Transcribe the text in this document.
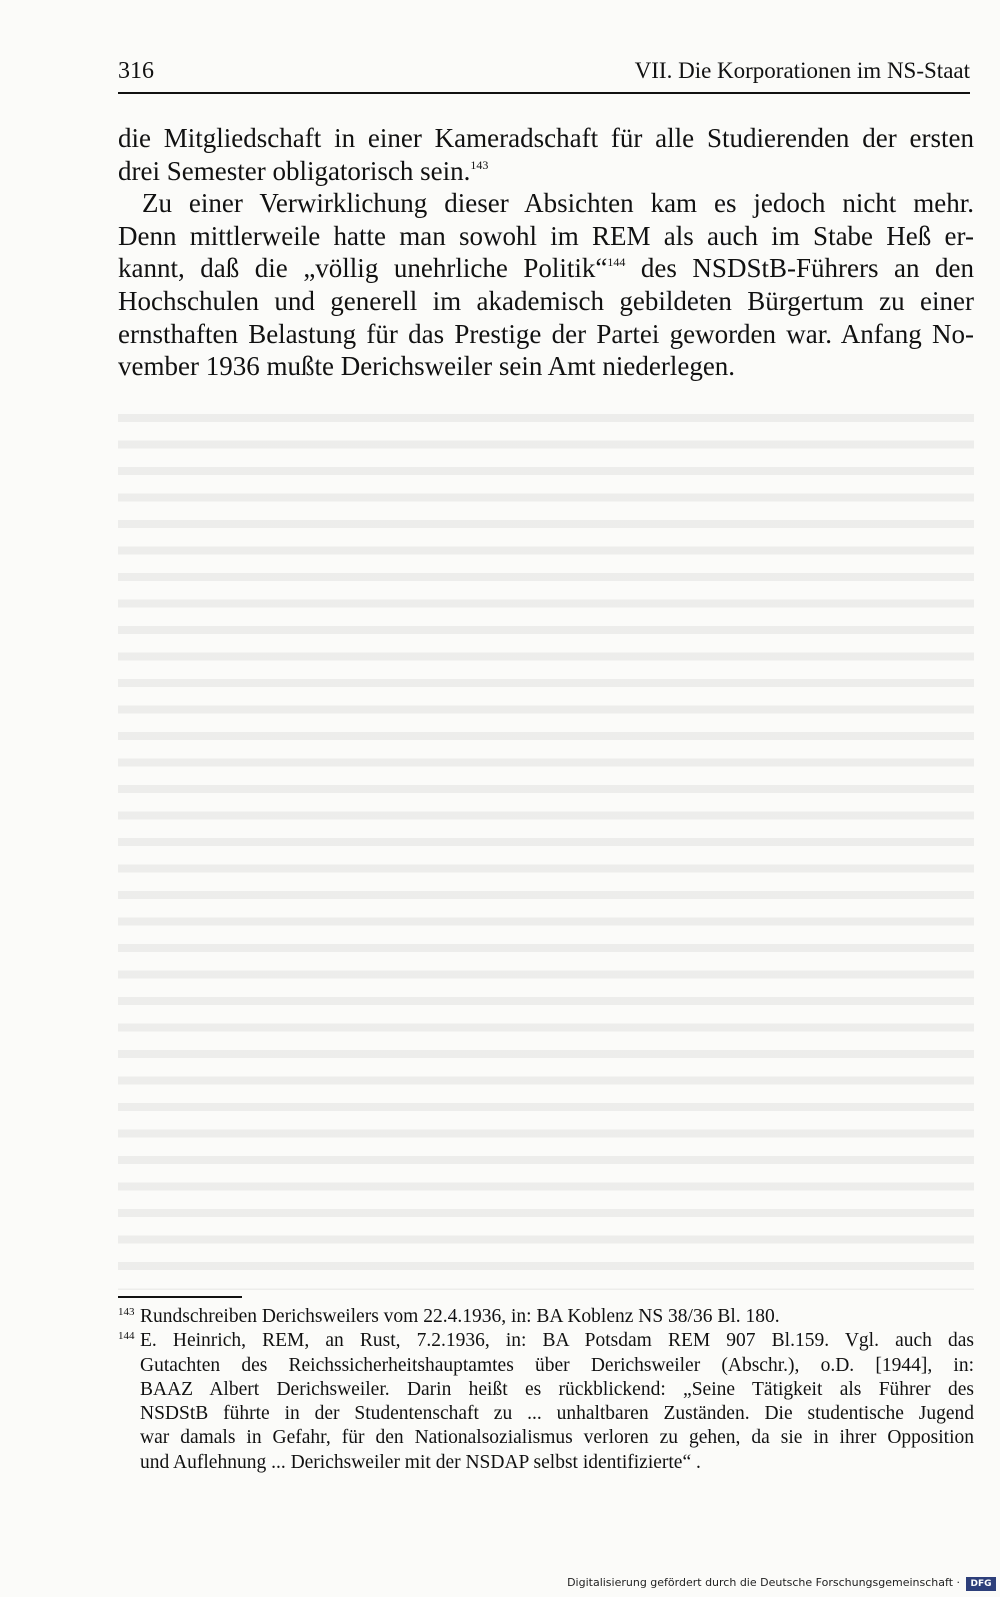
316	VII. Die Korporationen im NS-Staat
die Mitgliedschaft in einer Kameradschaft für alle Studierenden der ersten
drei Semester obligatorisch sein.$^{143}$
Zu einer Verwirklichung dieser Absichten kam es jedoch nicht mehr.
Denn mittlerweile hatte man sowohl im REM als auch im Stabe Heß er-
kannt, daß die „völlig unehrliche Politik“$^{144}$ des NSDStB-Führers an den
Hochschulen und generell im akademisch gebildeten Bürgertum zu einer
ernsthaften Belastung für das Prestige der Partei geworden war. Anfang No-
vember 1936 mußte Derichsweiler sein Amt niederlegen.
143 Rundschreiben Derichsweilers vom 22.4.1936, in: BA Koblenz NS 38/36 Bl. 180.
144 E. Heinrich, REM, an Rust, 7.2.1936, in: BA Potsdam REM 907 Bl.159. Vgl. auch das
Gutachten des Reichssicherheitshauptamtes über Derichsweiler (Abschr.), o.D. [1944], in:
BAAZ Albert Derichsweiler. Darin heißt es rückblickend: „Seine Tätigkeit als Führer des
NSDStB führte in der Studentenschaft zu ... unhaltbaren Zuständen. Die studentische Jugend
war damals in Gefahr, für den Nationalsozialismus verloren zu gehen, da sie in ihrer Opposition
und Auflehnung ... Derichsweiler mit der NSDAP selbst identifizierte“ .
Digitalisierung gefördert durch die Deutsche Forschungsgemeinschaft ·	DFG
